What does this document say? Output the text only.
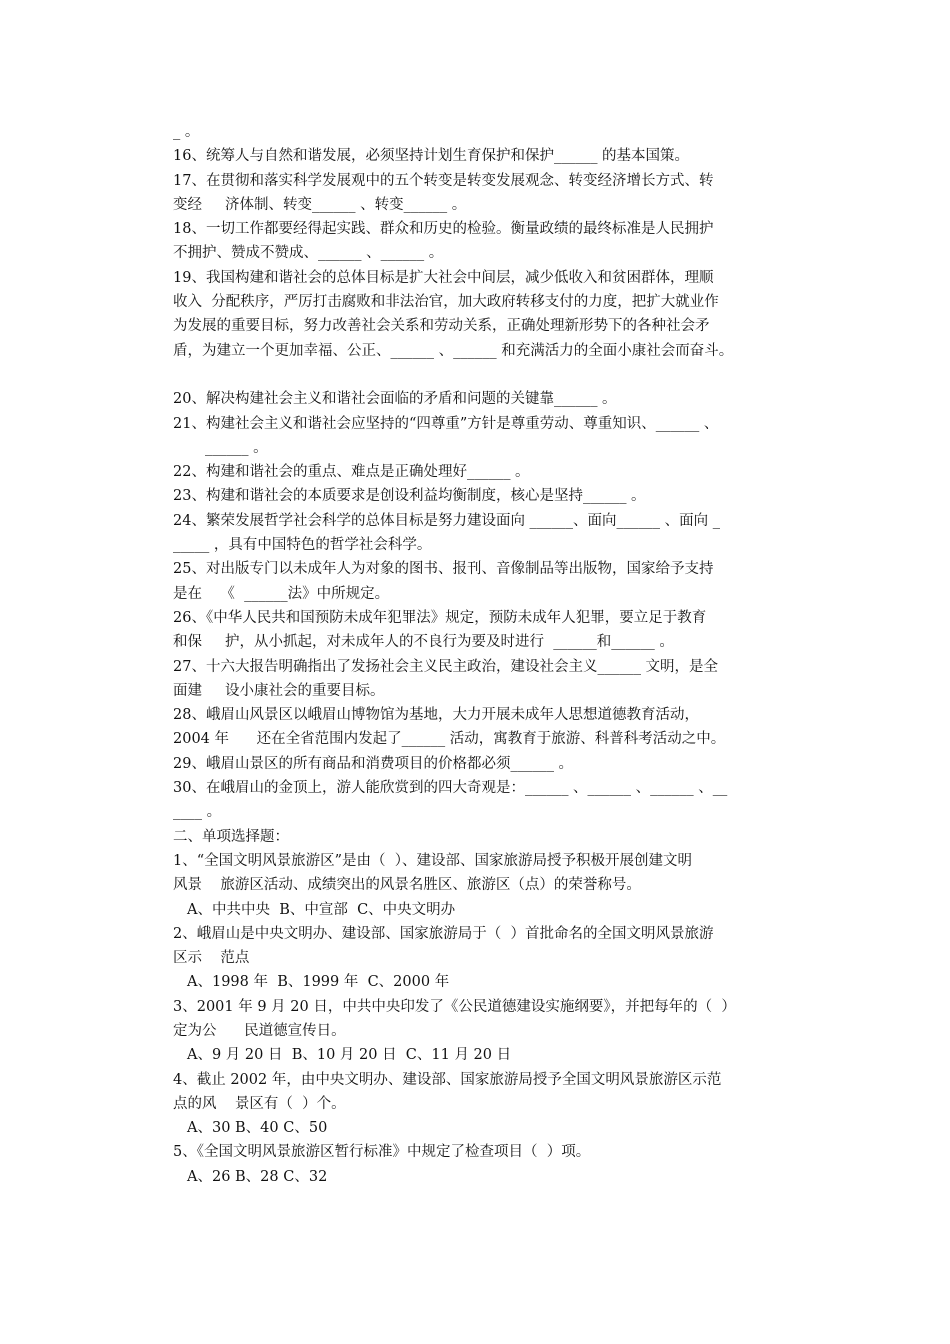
_ 。
16、统筹人与自然和谐发展，必须坚持计划生育保护和保护______ 的基本国策。
17、在贯彻和落实科学发展观中的五个转变是转变发展观念、转变经济增长方式、转
变经     济体制、转变______ 、转变______ 。
18、一切工作都要经得起实践、群众和历史的检验。衡量政绩的最终标准是人民拥护
不拥护、赞成不赞成、______ 、______ 。
19、我国构建和谐社会的总体目标是扩大社会中间层，减少低收入和贫困群体，理顺
收入  分配秩序，严厉打击腐败和非法治官，加大政府转移支付的力度，把扩大就业作
为发展的重要目标，努力改善社会关系和劳动关系，正确处理新形势下的各种社会矛
盾，为建立一个更加幸福、公正、______ 、______ 和充满活力的全面小康社会而奋斗。
20、解决构建社会主义和谐社会面临的矛盾和问题的关键靠______ 。
21、构建社会主义和谐社会应坚持的“四尊重”方针是尊重劳动、尊重知识、______ 、
______ 。
22、构建和谐社会的重点、难点是正确处理好______ 。
23、构建和谐社会的本质要求是创设利益均衡制度，核心是坚持______ 。
24、繁荣发展哲学社会科学的总体目标是努力建设面向 ______、面向______ 、面向 _
_____ ，具有中国特色的哲学社会科学。
25、对出版专门以未成年人为对象的图书、报刊、音像制品等出版物，国家给予支持
是在    《  ______法》中所规定。
26、《中华人民共和国预防未成年犯罪法》规定，预防未成年人犯罪，要立足于教育
和保     护，从小抓起，对未成年人的不良行为要及时进行  ______和______ 。
27、十六大报告明确指出了发扬社会主义民主政治，建设社会主义______ 文明，是全
面建     设小康社会的重要目标。
28、峨眉山风景区以峨眉山博物馆为基地，大力开展未成年人思想道德教育活动，
2004 年      还在全省范围内发起了______ 活动，寓教育于旅游、科普科考活动之中。
29、峨眉山景区的所有商品和消费项目的价格都必须______ 。
30、在峨眉山的金顶上，游人能欣赏到的四大奇观是：______ 、______ 、______ 、__
____ 。
二、单项选择题：
1、“全国文明风景旅游区”是由（  ）、建设部、国家旅游局授予积极开展创建文明
风景    旅游区活动、成绩突出的风景名胜区、旅游区（点）的荣誉称号。
A、中共中央  B、中宣部  C、中央文明办
2、峨眉山是中央文明办、建设部、国家旅游局于（  ）首批命名的全国文明风景旅游
区示    范点
A、1998 年  B、1999 年  C、2000 年
3、2001 年 9 月 20 日，中共中央印发了《公民道德建设实施纲要》，并把每年的（  ）
定为公      民道德宣传日。
A、9 月 20 日  B、10 月 20 日  C、11 月 20 日
4、截止 2002 年，由中央文明办、建设部、国家旅游局授予全国文明风景旅游区示范
点的风    景区有（  ）个。
A、30 B、40 C、50
5、《全国文明风景旅游区暂行标准》中规定了检查项目（  ）项。
A、26 B、28 C、32
